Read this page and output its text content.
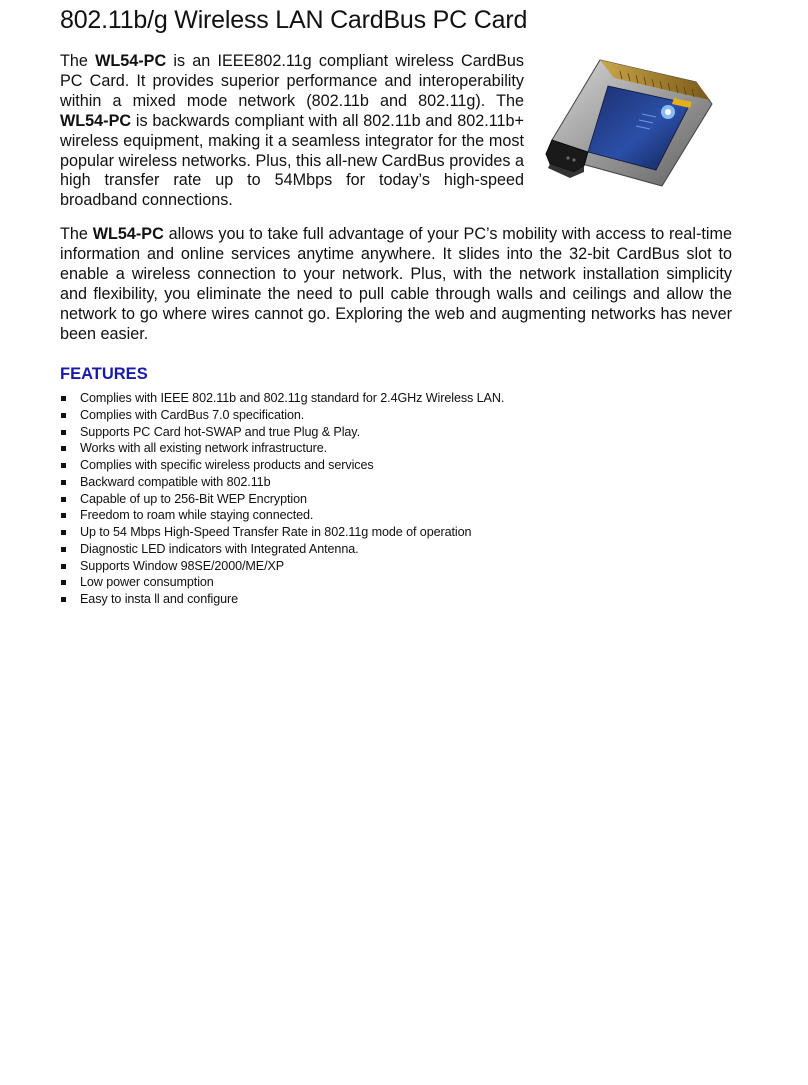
802.11b/g Wireless LAN CardBus PC Card

The WL54-PC is an IEEE802.11g compliant wireless CardBus PC Card. It provides superior performance and interoperability within a mixed mode network (802.11b and 802.11g). The WL54-PC is backwards compliant with all 802.11b and 802.11b+ wireless equipment, making it a seamless integrator for the most popular wireless networks. Plus, this all-new CardBus provides a high transfer rate up to 54Mbps for today’s high-speed broadband connections.

The WL54-PC allows you to take full advantage of your PC’s mobility with access to real-time information and online services anytime anywhere. It slides into the 32-bit CardBus slot to enable a wireless connection to your network. Plus, with the network installation simplicity and flexibility, you eliminate the need to pull cable through walls and ceilings and allow the network to go where wires cannot go. Exploring the web and augmenting networks has never been easier.

FEATURES
Complies with IEEE 802.11b and 802.11g standard for 2.4GHz Wireless LAN.
Complies with CardBus 7.0 specification.
Supports PC Card hot-SWAP and true Plug & Play.
Works with all existing network infrastructure.
Complies with specific wireless products and services
Backward compatible with 802.11b
Capable of up to 256-Bit WEP Encryption
Freedom to roam while staying connected.
Up to 54 Mbps High-Speed Transfer Rate in 802.11g mode of operation
Diagnostic LED indicators with Integrated Antenna.
Supports Window 98SE/2000/ME/XP
Low power consumption
Easy to insta ll and configure
